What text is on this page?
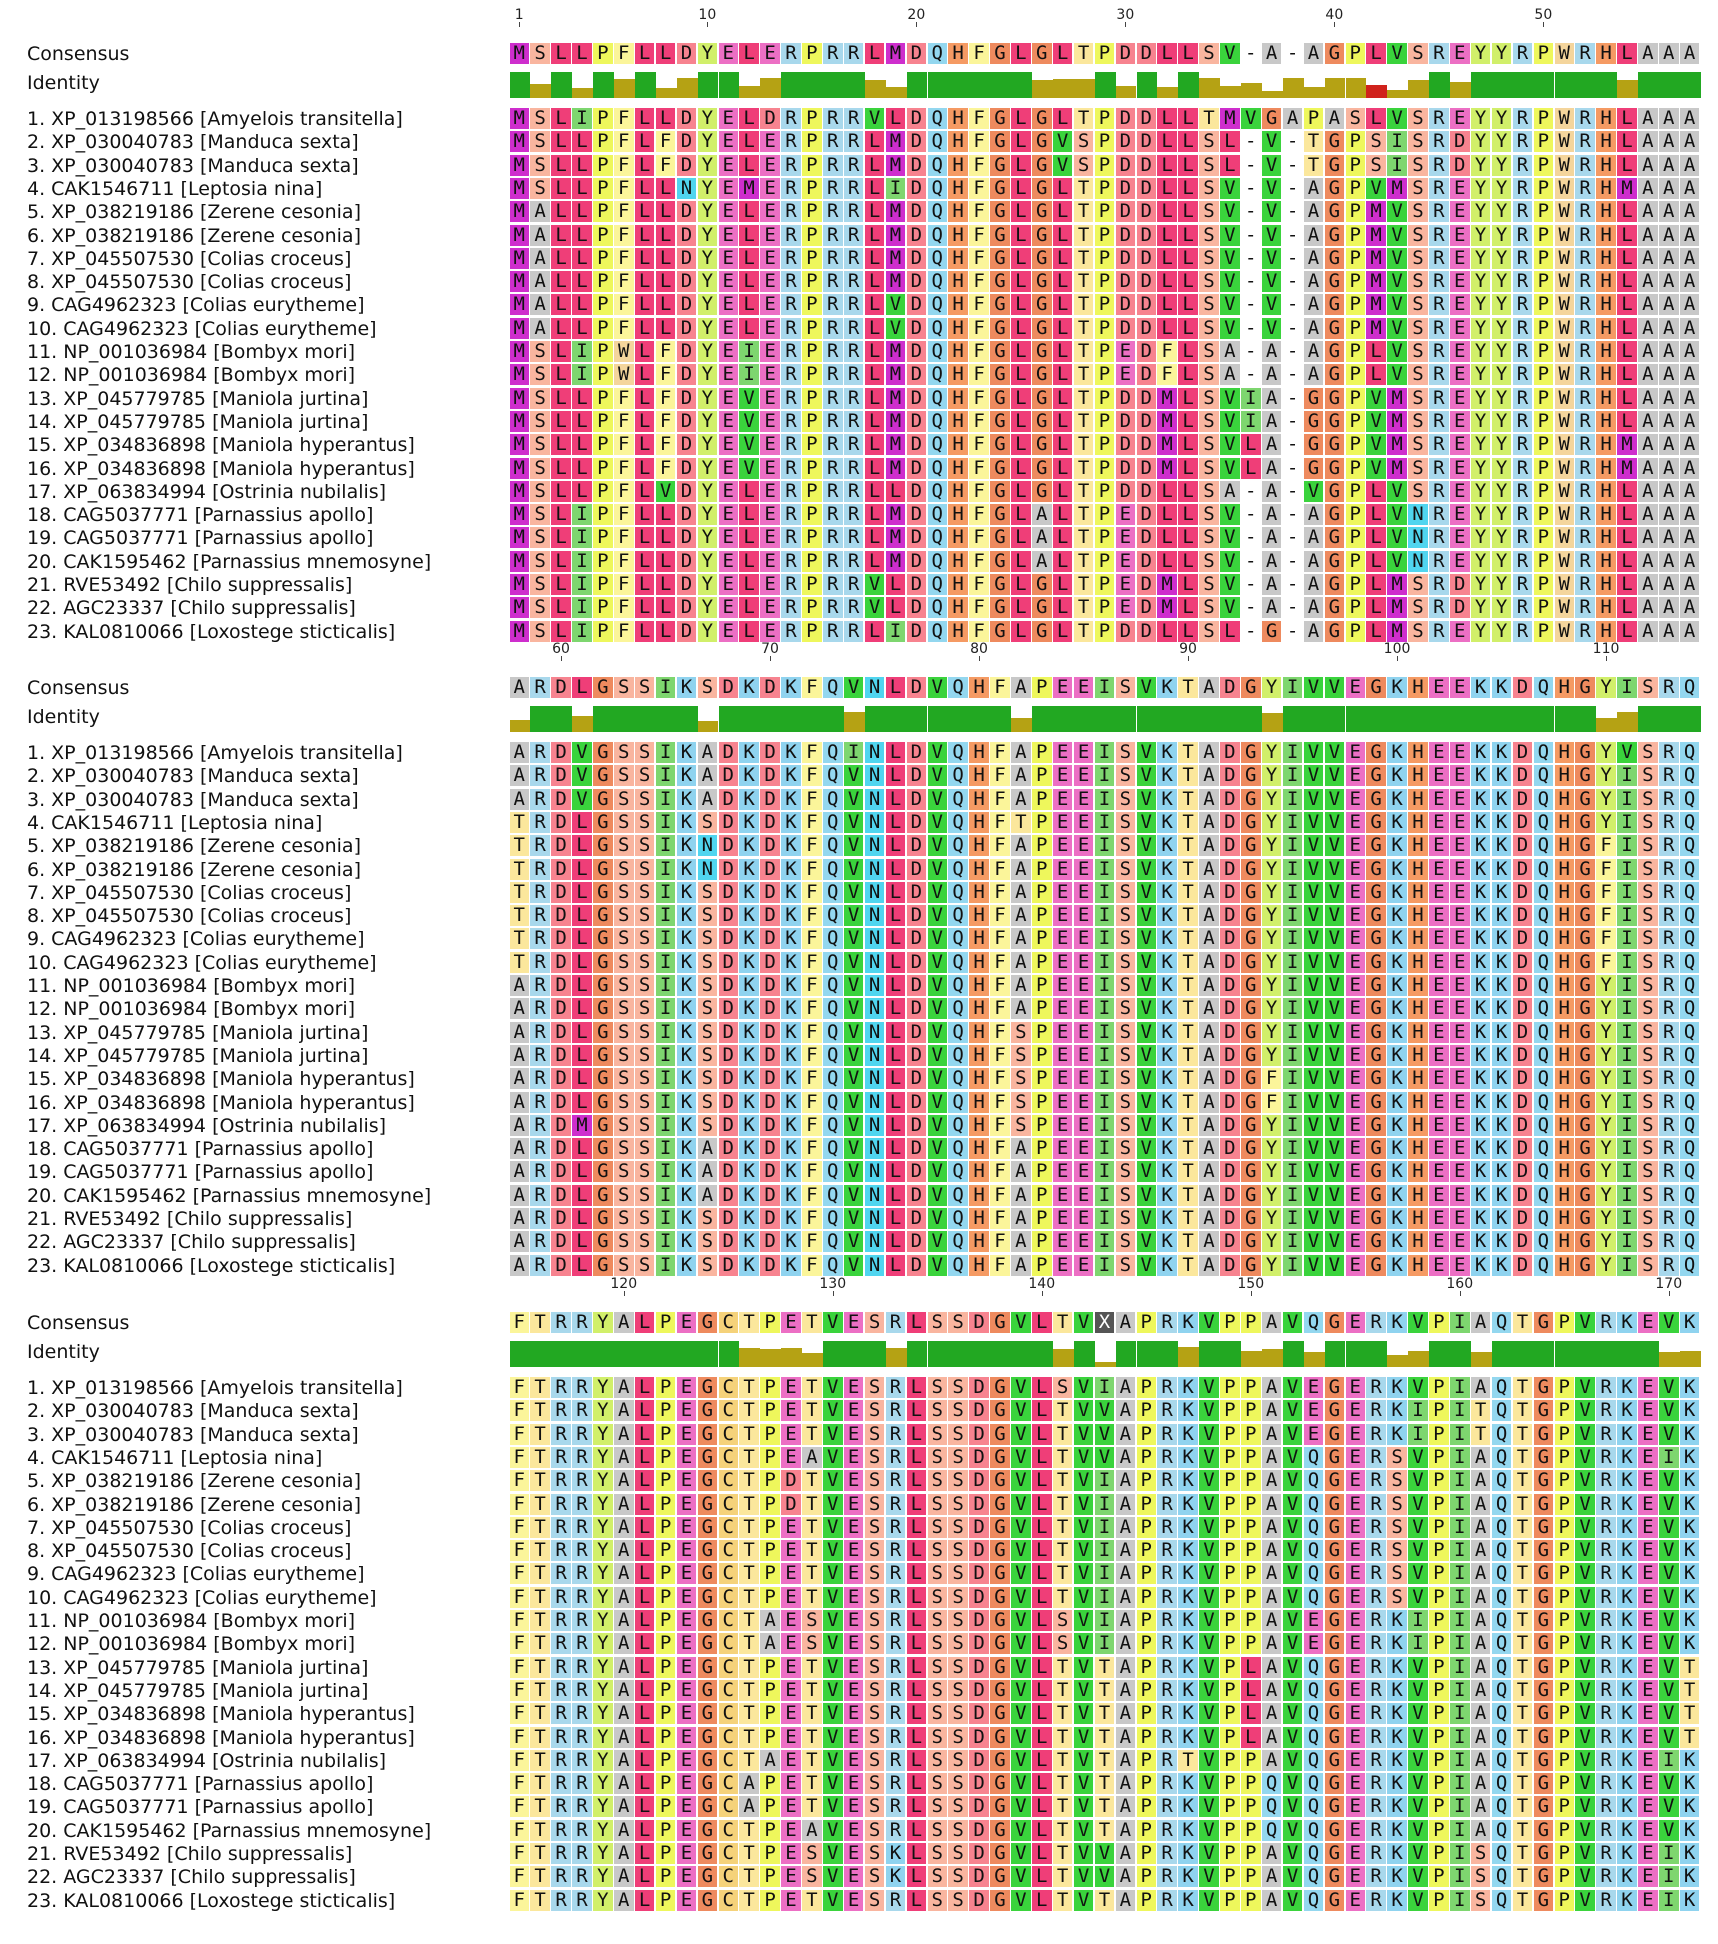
1	10	20	30	40	50
Consensus	M S L L P F L L D Y E L E R P R R L M D Q H F G L G L T P D D L L S V - A - A G P L V S R E Y Y R P W R H L A A A
Identity
1. XP_013198566 [Amyelois transitella]	M S L I P F L L D Y E L D R P R R V L D Q H F G L G L T P D D L L T M V G A P A S L V S R E Y Y R P W R H L A A A
2. XP_030040783 [Manduca sexta]	M S L L P F L F D Y E L E R P R R L M D Q H F G L G V S P D D L L S L - V - T G P S I S R D Y Y R P W R H L A A A
3. XP_030040783 [Manduca sexta]	M S L L P F L F D Y E L E R P R R L M D Q H F G L G V S P D D L L S L - V - T G P S I S R D Y Y R P W R H L A A A
4. CAK1546711 [Leptosia nina]	M S L L P F L L N Y E M E R P R R L I D Q H F G L G L T P D D L L S V - V - A G P V M S R E Y Y R P W R H M A A A
5. XP_038219186 [Zerene cesonia]	M A L L P F L L D Y E L E R P R R L M D Q H F G L G L T P D D L L S V - V - A G P M V S R E Y Y R P W R H L A A A
6. XP_038219186 [Zerene cesonia]	M A L L P F L L D Y E L E R P R R L M D Q H F G L G L T P D D L L S V - V - A G P M V S R E Y Y R P W R H L A A A
7. XP_045507530 [Colias croceus]	M A L L P F L L D Y E L E R P R R L M D Q H F G L G L T P D D L L S V - V - A G P M V S R E Y Y R P W R H L A A A
8. XP_045507530 [Colias croceus]	M A L L P F L L D Y E L E R P R R L M D Q H F G L G L T P D D L L S V - V - A G P M V S R E Y Y R P W R H L A A A
9. CAG4962323 [Colias eurytheme]	M A L L P F L L D Y E L E R P R R L V D Q H F G L G L T P D D L L S V - V - A G P M V S R E Y Y R P W R H L A A A
10. CAG4962323 [Colias eurytheme]	M A L L P F L L D Y E L E R P R R L V D Q H F G L G L T P D D L L S V - V - A G P M V S R E Y Y R P W R H L A A A
11. NP_001036984 [Bombyx mori]	M S L I P W L F D Y E I E R P R R L M D Q H F G L G L T P E D F L S A - A - A G P L V S R E Y Y R P W R H L A A A
12. NP_001036984 [Bombyx mori]	M S L I P W L F D Y E I E R P R R L M D Q H F G L G L T P E D F L S A - A - A G P L V S R E Y Y R P W R H L A A A
13. XP_045779785 [Maniola jurtina]	M S L L P F L F D Y E V E R P R R L M D Q H F G L G L T P D D M L S V I A - G G P V M S R E Y Y R P W R H L A A A
14. XP_045779785 [Maniola jurtina]	M S L L P F L F D Y E V E R P R R L M D Q H F G L G L T P D D M L S V I A - G G P V M S R E Y Y R P W R H L A A A
15. XP_034836898 [Maniola hyperantus]	M S L L P F L F D Y E V E R P R R L M D Q H F G L G L T P D D M L S V L A - G G P V M S R E Y Y R P W R H M A A A
16. XP_034836898 [Maniola hyperantus]	M S L L P F L F D Y E V E R P R R L M D Q H F G L G L T P D D M L S V L A - G G P V M S R E Y Y R P W R H M A A A
17. XP_063834994 [Ostrinia nubilalis]	M S L L P F L V D Y E L E R P R R L L D Q H F G L G L T P D D L L S A - A - V G P L V S R E Y Y R P W R H L A A A
18. CAG5037771 [Parnassius apollo]	M S L I P F L L D Y E L E R P R R L M D Q H F G L A L T P E D L L S V - A - A G P L V N R E Y Y R P W R H L A A A
19. CAG5037771 [Parnassius apollo]	M S L I P F L L D Y E L E R P R R L M D Q H F G L A L T P E D L L S V - A - A G P L V N R E Y Y R P W R H L A A A
20. CAK1595462 [Parnassius mnemosyne]	M S L I P F L L D Y E L E R P R R L M D Q H F G L A L T P E D L L S V - A - A G P L V N R E Y Y R P W R H L A A A
21. RVE53492 [Chilo suppressalis]	M S L I P F L L D Y E L E R P R R V L D Q H F G L G L T P E D M L S V - A - A G P L M S R D Y Y R P W R H L A A A
22. AGC23337 [Chilo suppressalis]	M S L I P F L L D Y E L E R P R R V L D Q H F G L G L T P E D M L S V - A - A G P L M S R D Y Y R P W R H L A A A
23. KAL0810066 [Loxostege sticticalis]	M S L I P F L L D Y E L E R P R R L I D Q H F G L G L T P D D L L S L - G - A G P L M S R E Y Y R P W R H L A A A
60	70	80	90	100	110
Consensus	A R D L G S S I K S D K D K F Q V N L D V Q H F A P E E I S V K T A D G Y I V V E G K H E E K K D Q H G Y I S R Q
Identity
1. XP_013198566 [Amyelois transitella]	A R D V G S S I K A D K D K F Q I N L D V Q H F A P E E I S V K T A D G Y I V V E G K H E E K K D Q H G Y V S R Q
2. XP_030040783 [Manduca sexta]	A R D V G S S I K A D K D K F Q V N L D V Q H F A P E E I S V K T A D G Y I V V E G K H E E K K D Q H G Y I S R Q
3. XP_030040783 [Manduca sexta]	A R D V G S S I K A D K D K F Q V N L D V Q H F A P E E I S V K T A D G Y I V V E G K H E E K K D Q H G Y I S R Q
4. CAK1546711 [Leptosia nina]	T R D L G S S I K S D K D K F Q V N L D V Q H F T P E E I S V K T A D G Y I V V E G K H E E K K D Q H G Y I S R Q
5. XP_038219186 [Zerene cesonia]	T R D L G S S I K N D K D K F Q V N L D V Q H F A P E E I S V K T A D G Y I V V E G K H E E K K D Q H G F I S R Q
6. XP_038219186 [Zerene cesonia]	T R D L G S S I K N D K D K F Q V N L D V Q H F A P E E I S V K T A D G Y I V V E G K H E E K K D Q H G F I S R Q
7. XP_045507530 [Colias croceus]	T R D L G S S I K S D K D K F Q V N L D V Q H F A P E E I S V K T A D G Y I V V E G K H E E K K D Q H G F I S R Q
8. XP_045507530 [Colias croceus]	T R D L G S S I K S D K D K F Q V N L D V Q H F A P E E I S V K T A D G Y I V V E G K H E E K K D Q H G F I S R Q
9. CAG4962323 [Colias eurytheme]	T R D L G S S I K S D K D K F Q V N L D V Q H F A P E E I S V K T A D G Y I V V E G K H E E K K D Q H G F I S R Q
10. CAG4962323 [Colias eurytheme]	T R D L G S S I K S D K D K F Q V N L D V Q H F A P E E I S V K T A D G Y I V V E G K H E E K K D Q H G F I S R Q
11. NP_001036984 [Bombyx mori]	A R D L G S S I K S D K D K F Q V N L D V Q H F A P E E I S V K T A D G Y I V V E G K H E E K K D Q H G Y I S R Q
12. NP_001036984 [Bombyx mori]	A R D L G S S I K S D K D K F Q V N L D V Q H F A P E E I S V K T A D G Y I V V E G K H E E K K D Q H G Y I S R Q
13. XP_045779785 [Maniola jurtina]	A R D L G S S I K S D K D K F Q V N L D V Q H F S P E E I S V K T A D G Y I V V E G K H E E K K D Q H G Y I S R Q
14. XP_045779785 [Maniola jurtina]	A R D L G S S I K S D K D K F Q V N L D V Q H F S P E E I S V K T A D G Y I V V E G K H E E K K D Q H G Y I S R Q
15. XP_034836898 [Maniola hyperantus]	A R D L G S S I K S D K D K F Q V N L D V Q H F S P E E I S V K T A D G F I V V E G K H E E K K D Q H G Y I S R Q
16. XP_034836898 [Maniola hyperantus]	A R D L G S S I K S D K D K F Q V N L D V Q H F S P E E I S V K T A D G F I V V E G K H E E K K D Q H G Y I S R Q
17. XP_063834994 [Ostrinia nubilalis]	A R D M G S S I K S D K D K F Q V N L D V Q H F S P E E I S V K T A D G Y I V V E G K H E E K K D Q H G Y I S R Q
18. CAG5037771 [Parnassius apollo]	A R D L G S S I K A D K D K F Q V N L D V Q H F A P E E I S V K T A D G Y I V V E G K H E E K K D Q H G Y I S R Q
19. CAG5037771 [Parnassius apollo]	A R D L G S S I K A D K D K F Q V N L D V Q H F A P E E I S V K T A D G Y I V V E G K H E E K K D Q H G Y I S R Q
20. CAK1595462 [Parnassius mnemosyne]	A R D L G S S I K A D K D K F Q V N L D V Q H F A P E E I S V K T A D G Y I V V E G K H E E K K D Q H G Y I S R Q
21. RVE53492 [Chilo suppressalis]	A R D L G S S I K S D K D K F Q V N L D V Q H F A P E E I S V K T A D G Y I V V E G K H E E K K D Q H G Y I S R Q
22. AGC23337 [Chilo suppressalis]	A R D L G S S I K S D K D K F Q V N L D V Q H F A P E E I S V K T A D G Y I V V E G K H E E K K D Q H G Y I S R Q
23. KAL0810066 [Loxostege sticticalis]	A R D L G S S I K S D K D K F Q V N L D V Q H F A P E E I S V K T A D G Y I V V E G K H E E K K D Q H G Y I S R Q
120	130	140	150	160	170
Consensus	F T R R Y A L P E G C T P E T V E S R L S S D G V L T V X A P R K V P P A V Q G E R K V P I A Q T G P V R K E V K
Identity
1. XP_013198566 [Amyelois transitella]	F T R R Y A L P E G C T P E T V E S R L S S D G V L S V I A P R K V P P A V E G E R K V P I A Q T G P V R K E V K
2. XP_030040783 [Manduca sexta]	F T R R Y A L P E G C T P E T V E S R L S S D G V L T V V A P R K V P P A V E G E R K I P I T Q T G P V R K E V K
3. XP_030040783 [Manduca sexta]	F T R R Y A L P E G C T P E T V E S R L S S D G V L T V V A P R K V P P A V E G E R K I P I T Q T G P V R K E V K
4. CAK1546711 [Leptosia nina]	F T R R Y A L P E G C T P E A V E S R L S S D G V L T V V A P R K V P P A V Q G E R S V P I A Q T G P V R K E I K
5. XP_038219186 [Zerene cesonia]	F T R R Y A L P E G C T P D T V E S R L S S D G V L T V I A P R K V P P A V Q G E R S V P I A Q T G P V R K E V K
6. XP_038219186 [Zerene cesonia]	F T R R Y A L P E G C T P D T V E S R L S S D G V L T V I A P R K V P P A V Q G E R S V P I A Q T G P V R K E V K
7. XP_045507530 [Colias croceus]	F T R R Y A L P E G C T P E T V E S R L S S D G V L T V I A P R K V P P A V Q G E R S V P I A Q T G P V R K E V K
8. XP_045507530 [Colias croceus]	F T R R Y A L P E G C T P E T V E S R L S S D G V L T V I A P R K V P P A V Q G E R S V P I A Q T G P V R K E V K
9. CAG4962323 [Colias eurytheme]	F T R R Y A L P E G C T P E T V E S R L S S D G V L T V I A P R K V P P A V Q G E R S V P I A Q T G P V R K E V K
10. CAG4962323 [Colias eurytheme]	F T R R Y A L P E G C T P E T V E S R L S S D G V L T V I A P R K V P P A V Q G E R S V P I A Q T G P V R K E V K
11. NP_001036984 [Bombyx mori]	F T R R Y A L P E G C T A E S V E S R L S S D G V L S V I A P R K V P P A V E G E R K I P I A Q T G P V R K E V K
12. NP_001036984 [Bombyx mori]	F T R R Y A L P E G C T A E S V E S R L S S D G V L S V I A P R K V P P A V E G E R K I P I A Q T G P V R K E V K
13. XP_045779785 [Maniola jurtina]	F T R R Y A L P E G C T P E T V E S R L S S D G V L T V T A P R K V P L A V Q G E R K V P I A Q T G P V R K E V T
14. XP_045779785 [Maniola jurtina]	F T R R Y A L P E G C T P E T V E S R L S S D G V L T V T A P R K V P L A V Q G E R K V P I A Q T G P V R K E V T
15. XP_034836898 [Maniola hyperantus]	F T R R Y A L P E G C T P E T V E S R L S S D G V L T V T A P R K V P L A V Q G E R K V P I A Q T G P V R K E V T
16. XP_034836898 [Maniola hyperantus]	F T R R Y A L P E G C T P E T V E S R L S S D G V L T V T A P R K V P L A V Q G E R K V P I A Q T G P V R K E V T
17. XP_063834994 [Ostrinia nubilalis]	F T R R Y A L P E G C T A E T V E S R L S S D G V L T V T A P R T V P P A V Q G E R K V P I A Q T G P V R K E I K
18. CAG5037771 [Parnassius apollo]	F T R R Y A L P E G C A P E T V E S R L S S D G V L T V T A P R K V P P Q V Q G E R K V P I A Q T G P V R K E V K
19. CAG5037771 [Parnassius apollo]	F T R R Y A L P E G C A P E T V E S R L S S D G V L T V T A P R K V P P Q V Q G E R K V P I A Q T G P V R K E V K
20. CAK1595462 [Parnassius mnemosyne]	F T R R Y A L P E G C T P E A V E S R L S S D G V L T V T A P R K V P P Q V Q G E R K V P I A Q T G P V R K E V K
21. RVE53492 [Chilo suppressalis]	F T R R Y A L P E G C T P E S V E S K L S S D G V L T V V A P R K V P P A V Q G E R K V P I S Q T G P V R K E I K
22. AGC23337 [Chilo suppressalis]	F T R R Y A L P E G C T P E S V E S K L S S D G V L T V V A P R K V P P A V Q G E R K V P I S Q T G P V R K E I K
23. KAL0810066 [Loxostege sticticalis]	F T R R Y A L P E G C T P E T V E S R L S S D G V L T V T A P R K V P P A V Q G E R K V P I S Q T G P V R K E I K
